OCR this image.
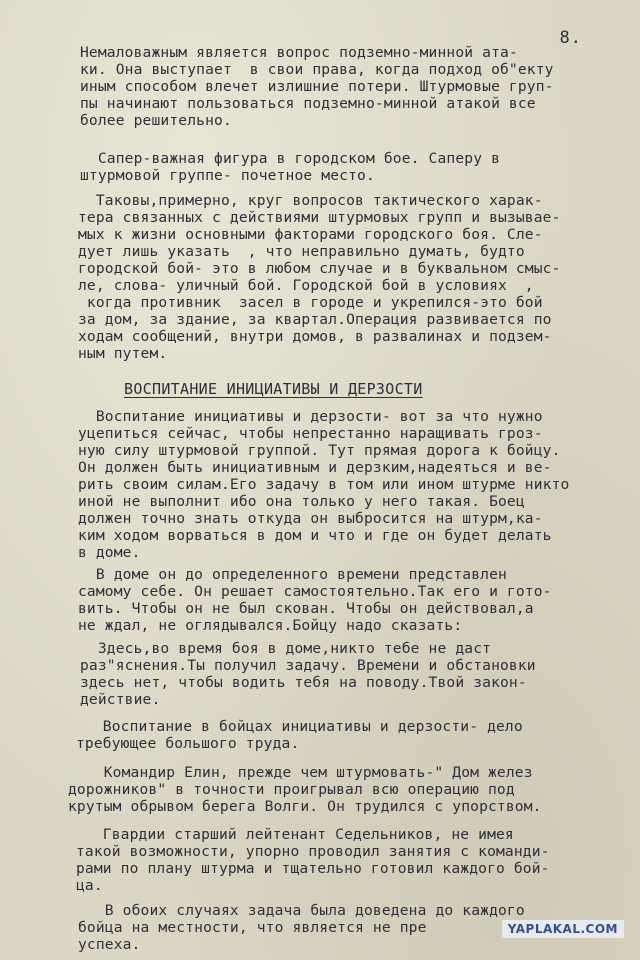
8.

Немаловажным является вопрос подземно-минной ата-
ки. Она выступает  в свои права, когда подход об"екту
иным способом влечет излишние потери. Штурмовые груп-
пы начинают пользоваться подземно-минной атакой все
более решительно.

Сапер-важная фигура в городском бое. Саперу в
штурмовой группе- почетное место.

Таковы,примерно, круг вопросов тактического харак-
тера связанных с действиями штурмовых групп и вызывае-
мых к жизни основными факторами городского боя. Сле-
дует лишь указать  , что неправильно думать, будто
городской бой- это в любом случае и в буквальном смыс-
ле, слова- уличный бой. Городской бой в условиях  ,
когда противник  засел в городе и укрепился-это бой
за дом, за здание, за квартал.Операция развивается по
ходам сообщений, внутри домов, в развалинах и подзем-
ным путем.

ВОСПИТАНИЕ ИНИЦИАТИВЫ И ДЕРЗОСТИ

Воспитание инициативы и дерзости- вот за что нужно
уцепиться сейчас, чтобы непрестанно наращивать гроз-
ную силу штурмовой группой. Тут прямая дорога к бойцу.
Он должен быть инициативным и дерзким,надеяться и ве-
рить своим силам.Его задачу в том или ином штурме никто
иной не выполнит ибо она только у него такая. Боец
должен точно знать откуда он выбросится на штурм,ка-
ким ходом ворваться в дом и что и где он будет делать
в доме.

В доме он до определенного времени представлен
самому себе. Он решает самостоятельно.Так его и гото-
вить. Чтобы он не был скован. Чтобы он действовал,а
не ждал, не оглядывался.Бойцу надо сказать:

Здесь,во время боя в доме,никто тебе не даст
раз"яснения.Ты получил задачу. Времени и обстановки
здесь нет, чтобы водить тебя на поводу.Твой закон-
действие.

Воспитание в бойцах инициативы и дерзости- дело
требующее большого труда.

Командир Елин, прежде чем штурмовать-" Дом желез
дорожников" в точности проигрывал всю операцию под
крутым обрывом берега Волги. Он трудился с упорством.

Гвардии старший лейтенант Седельников, не имея
такой возможности, упорно проводил занятия с команди-
рами по плану штурма и тщательно готовил каждого бой-
ца.

В обоих случаях задача была доведена до каждого
бойца на местности, что является не пре
успеха.

YAPLAKAL.COM
